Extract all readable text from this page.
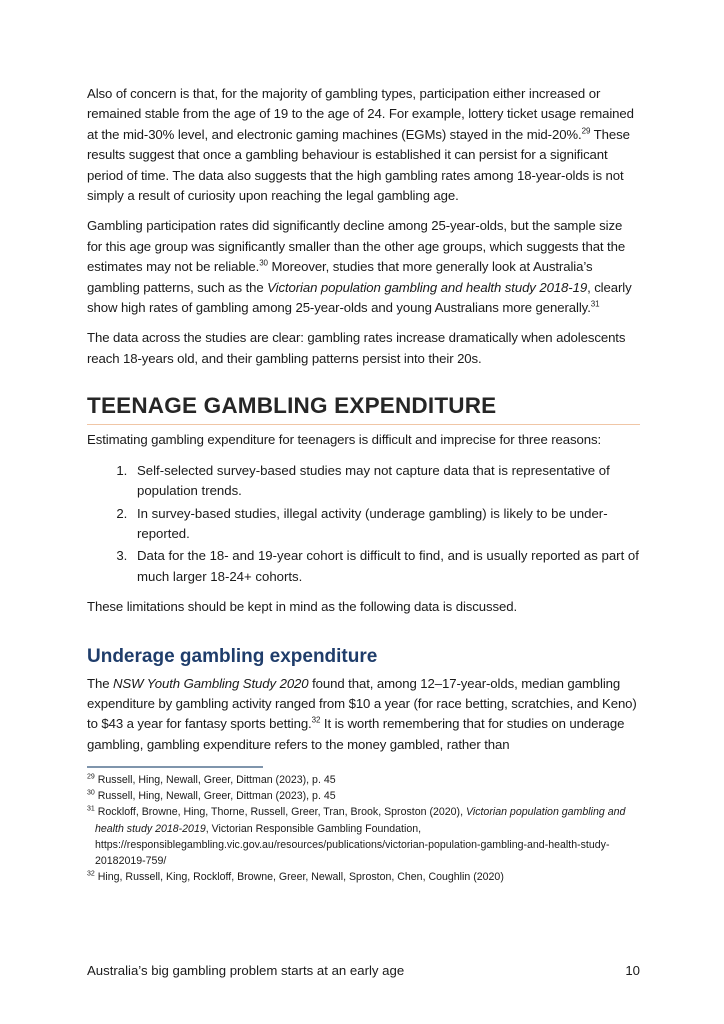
Also of concern is that, for the majority of gambling types, participation either increased or remained stable from the age of 19 to the age of 24. For example, lottery ticket usage remained at the mid-30% level, and electronic gaming machines (EGMs) stayed in the mid-20%.$^{29}$ These results suggest that once a gambling behaviour is established it can persist for a significant period of time. The data also suggests that the high gambling rates among 18-year-olds is not simply a result of curiosity upon reaching the legal gambling age.

Gambling participation rates did significantly decline among 25-year-olds, but the sample size for this age group was significantly smaller than the other age groups, which suggests that the estimates may not be reliable.$^{30}$ Moreover, studies that more generally look at Australia’s gambling patterns, such as the Victorian population gambling and health study 2018-19, clearly show high rates of gambling among 25-year-olds and young Australians more generally.$^{31}$

The data across the studies are clear: gambling rates increase dramatically when adolescents reach 18-years old, and their gambling patterns persist into their 20s.

TEENAGE GAMBLING EXPENDITURE

Estimating gambling expenditure for teenagers is difficult and imprecise for three reasons:

1. Self-selected survey-based studies may not capture data that is representative of population trends.
2. In survey-based studies, illegal activity (underage gambling) is likely to be under-reported.
3. Data for the 18- and 19-year cohort is difficult to find, and is usually reported as part of much larger 18-24+ cohorts.

These limitations should be kept in mind as the following data is discussed.

Underage gambling expenditure

The NSW Youth Gambling Study 2020 found that, among 12–17-year-olds, median gambling expenditure by gambling activity ranged from $10 a year (for race betting, scratchies, and Keno) to $43 a year for fantasy sports betting.$^{32}$ It is worth remembering that for studies on underage gambling, gambling expenditure refers to the money gambled, rather than

$^{29}$ Russell, Hing, Newall, Greer, Dittman (2023), p. 45
$^{30}$ Russell, Hing, Newall, Greer, Dittman (2023), p. 45
$^{31}$ Rockloff, Browne, Hing, Thorne, Russell, Greer, Tran, Brook, Sproston (2020), Victorian population gambling and health study 2018-2019, Victorian Responsible Gambling Foundation, https://responsiblegambling.vic.gov.au/resources/publications/victorian-population-gambling-and-health-study-20182019-759/
$^{32}$ Hing, Russell, King, Rockloff, Browne, Greer, Newall, Sproston, Chen, Coughlin (2020)
Australia’s big gambling problem starts at an early age	10
